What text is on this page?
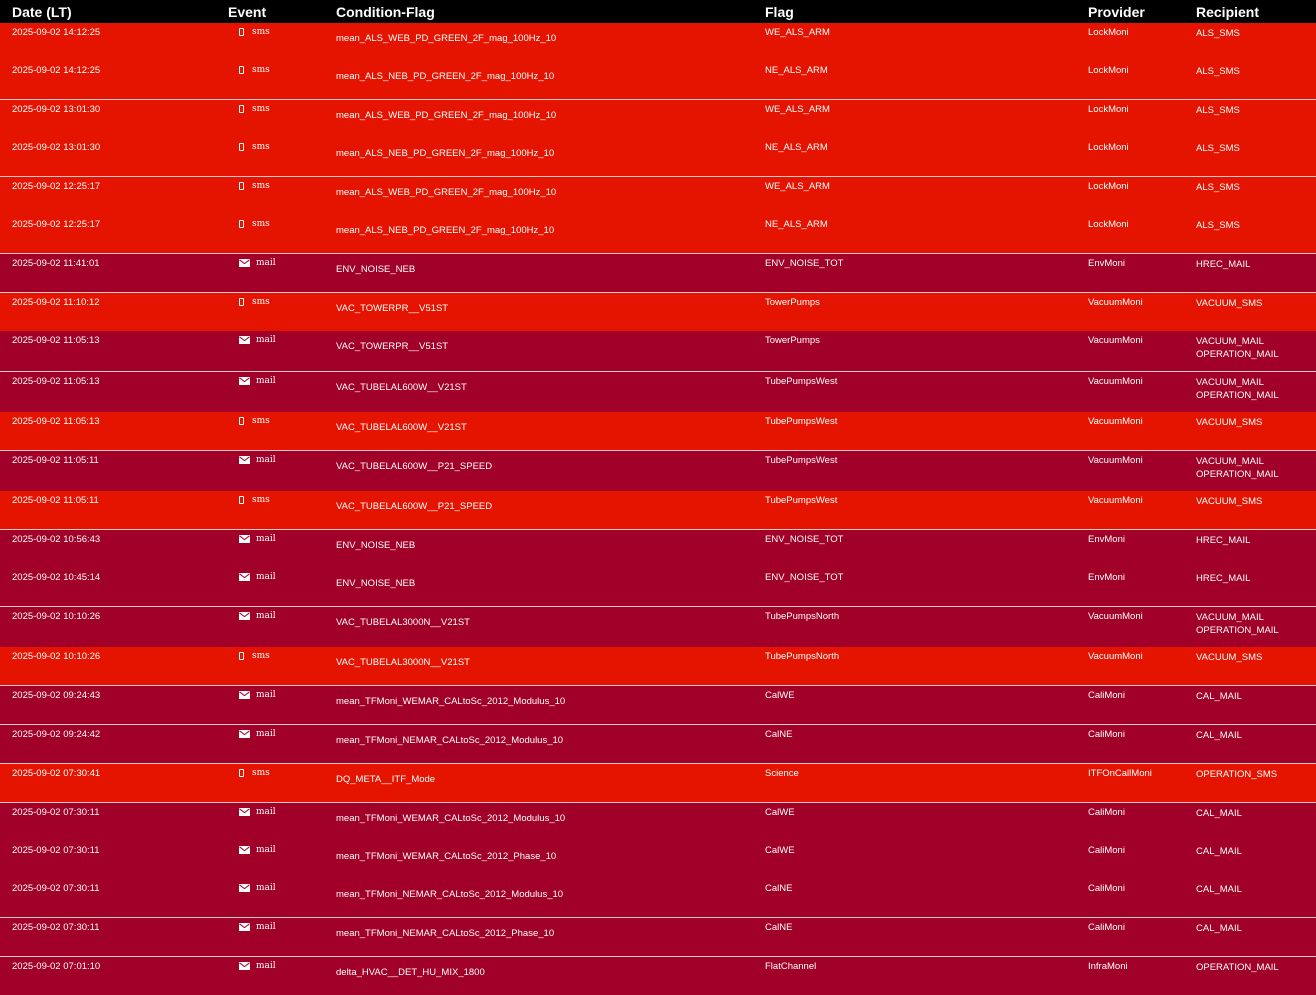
Date (LT)	Event	Condition-Flag	Flag	Provider	Recipient
2025-09-02 14:12:25	sms	mean_ALS_WEB_PD_GREEN_2F_mag_100Hz_10	WE_ALS_ARM	LockMoni	ALS_SMS

2025-09-02 14:12:25	sms	mean_ALS_NEB_PD_GREEN_2F_mag_100Hz_10	NE_ALS_ARM	LockMoni	ALS_SMS

2025-09-02 13:01:30	sms	mean_ALS_WEB_PD_GREEN_2F_mag_100Hz_10	WE_ALS_ARM	LockMoni	ALS_SMS

2025-09-02 13:01:30	sms	mean_ALS_NEB_PD_GREEN_2F_mag_100Hz_10	NE_ALS_ARM	LockMoni	ALS_SMS

2025-09-02 12:25:17	sms	mean_ALS_WEB_PD_GREEN_2F_mag_100Hz_10	WE_ALS_ARM	LockMoni	ALS_SMS

2025-09-02 12:25:17	sms	mean_ALS_NEB_PD_GREEN_2F_mag_100Hz_10	NE_ALS_ARM	LockMoni	ALS_SMS

2025-09-02 11:41:01	mail	ENV_NOISE_NEB	ENV_NOISE_TOT	EnvMoni	HREC_MAIL

2025-09-02 11:10:12	sms	VAC_TOWERPR__V51ST	TowerPumps	VacuumMoni	VACUUM_SMS

2025-09-02 11:05:13	mail	VAC_TOWERPR__V51ST	TowerPumps	VacuumMoni	VACUUM_MAIL
OPERATION_MAIL

2025-09-02 11:05:13	mail	VAC_TUBELAL600W__V21ST	TubePumpsWest	VacuumMoni	VACUUM_MAIL
OPERATION_MAIL

2025-09-02 11:05:13	sms	VAC_TUBELAL600W__V21ST	TubePumpsWest	VacuumMoni	VACUUM_SMS

2025-09-02 11:05:11	mail	VAC_TUBELAL600W__P21_SPEED	TubePumpsWest	VacuumMoni	VACUUM_MAIL
OPERATION_MAIL

2025-09-02 11:05:11	sms	VAC_TUBELAL600W__P21_SPEED	TubePumpsWest	VacuumMoni	VACUUM_SMS

2025-09-02 10:56:43	mail	ENV_NOISE_NEB	ENV_NOISE_TOT	EnvMoni	HREC_MAIL

2025-09-02 10:45:14	mail	ENV_NOISE_NEB	ENV_NOISE_TOT	EnvMoni	HREC_MAIL

2025-09-02 10:10:26	mail	VAC_TUBELAL3000N__V21ST	TubePumpsNorth	VacuumMoni	VACUUM_MAIL
OPERATION_MAIL

2025-09-02 10:10:26	sms	VAC_TUBELAL3000N__V21ST	TubePumpsNorth	VacuumMoni	VACUUM_SMS

2025-09-02 09:24:43	mail	mean_TFMoni_WEMAR_CALtoSc_2012_Modulus_10	CalWE	CaliMoni	CAL_MAIL

2025-09-02 09:24:42	mail	mean_TFMoni_NEMAR_CALtoSc_2012_Modulus_10	CalNE	CaliMoni	CAL_MAIL

2025-09-02 07:30:41	sms	DQ_META__ITF_Mode	Science	ITFOnCallMoni	OPERATION_SMS

2025-09-02 07:30:11	mail	mean_TFMoni_WEMAR_CALtoSc_2012_Modulus_10	CalWE	CaliMoni	CAL_MAIL

2025-09-02 07:30:11	mail	mean_TFMoni_WEMAR_CALtoSc_2012_Phase_10	CalWE	CaliMoni	CAL_MAIL

2025-09-02 07:30:11	mail	mean_TFMoni_NEMAR_CALtoSc_2012_Modulus_10	CalNE	CaliMoni	CAL_MAIL

2025-09-02 07:30:11	mail	mean_TFMoni_NEMAR_CALtoSc_2012_Phase_10	CalNE	CaliMoni	CAL_MAIL

2025-09-02 07:01:10	mail	delta_HVAC__DET_HU_MIX_1800	FlatChannel	InfraMoni	OPERATION_MAIL
